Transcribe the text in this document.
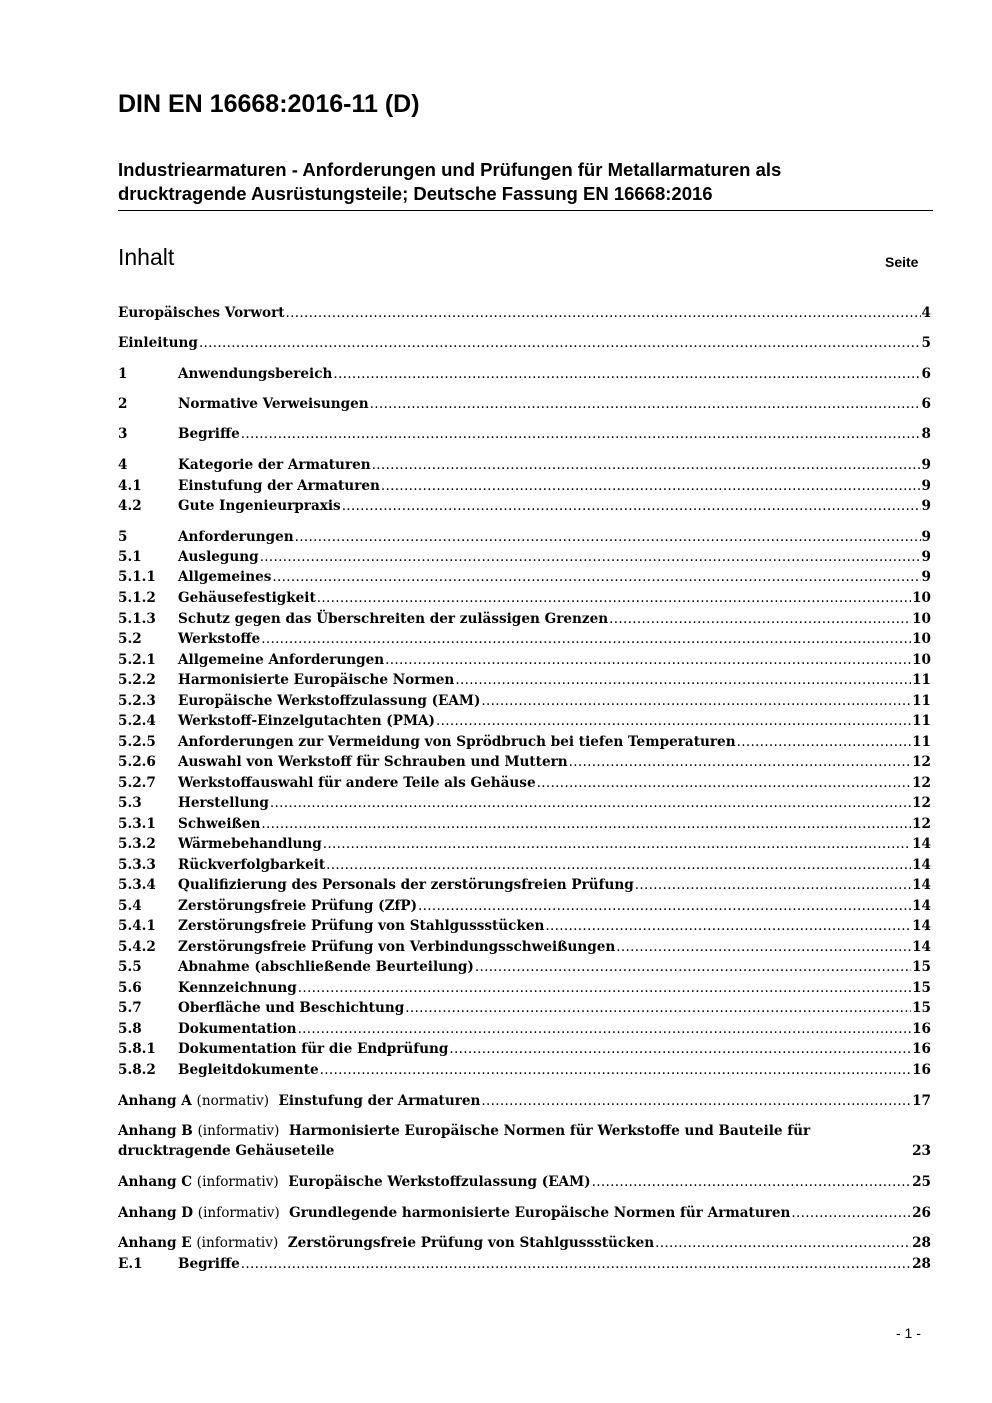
DIN EN 16668:2016-11 (D)
Industriearmaturen - Anforderungen und Prüfungen für Metallarmaturen als
drucktragende Ausrüstungsteile; Deutsche Fassung EN 16668:2016
Inhalt	Seite
Europäisches Vorwort .....	4
Einleitung .....	5
1	Anwendungsbereich .....	6
2	Normative Verweisungen .....	6
3	Begriffe .....	8
4	Kategorie der Armaturen .....	9
4.1	Einstufung der Armaturen .....	9
4.2	Gute Ingenieurpraxis .....	9
5	Anforderungen .....	9
5.1	Auslegung .....	9
5.1.1 Allgemeines .....	9
5.1.2 Gehäusefestigkeit .....	10
5.1.3 Schutz gegen das Überschreiten der zulässigen Grenzen .....	10
5.2	Werkstoffe .....	10
5.2.1 Allgemeine Anforderungen .....	10
5.2.2 Harmonisierte Europäische Normen .....	11
5.2.3 Europäische Werkstoffzulassung (EAM) .....	11
5.2.4 Werkstoff-Einzelgutachten (PMA) .....	11
5.2.5 Anforderungen zur Vermeidung von Sprödbruch bei tiefen Temperaturen .....	11
5.2.6 Auswahl von Werkstoff für Schrauben und Muttern .....	12
5.2.7 Werkstoffauswahl für andere Teile als Gehäuse .....	12
5.3	Herstellung .....	12
5.3.1 Schweißen .....	12
5.3.2 Wärmebehandlung .....	14
5.3.3 Rückverfolgbarkeit .....	14
5.3.4 Qualifizierung des Personals der zerstörungsfreien Prüfung .....	14
5.4	Zerstörungsfreie Prüfung (ZfP) .....	14
5.4.1 Zerstörungsfreie Prüfung von Stahlgussstücken .....	14
5.4.2 Zerstörungsfreie Prüfung von Verbindungsschweißungen .....	14
5.5	Abnahme (abschließende Beurteilung) .....	15
5.6	Kennzeichnung .....	15
5.7	Oberfläche und Beschichtung .....	15
5.8	Dokumentation .....	16
5.8.1 Dokumentation für die Endprüfung .....	16
5.8.2 Begleitdokumente .....	16
Anhang A (normativ) Einstufung der Armaturen .....	17
Anhang B (informativ) Harmonisierte Europäische Normen für Werkstoffe und Bauteile für
drucktragende Gehäuseteile	23
Anhang C (informativ) Europäische Werkstoffzulassung (EAM) .....	25
Anhang D (informativ) Grundlegende harmonisierte Europäische Normen für Armaturen .....	26
Anhang E (informativ) Zerstörungsfreie Prüfung von Stahlgussstücken .....	28
E.1	Begriffe .....	28
- 1 -
